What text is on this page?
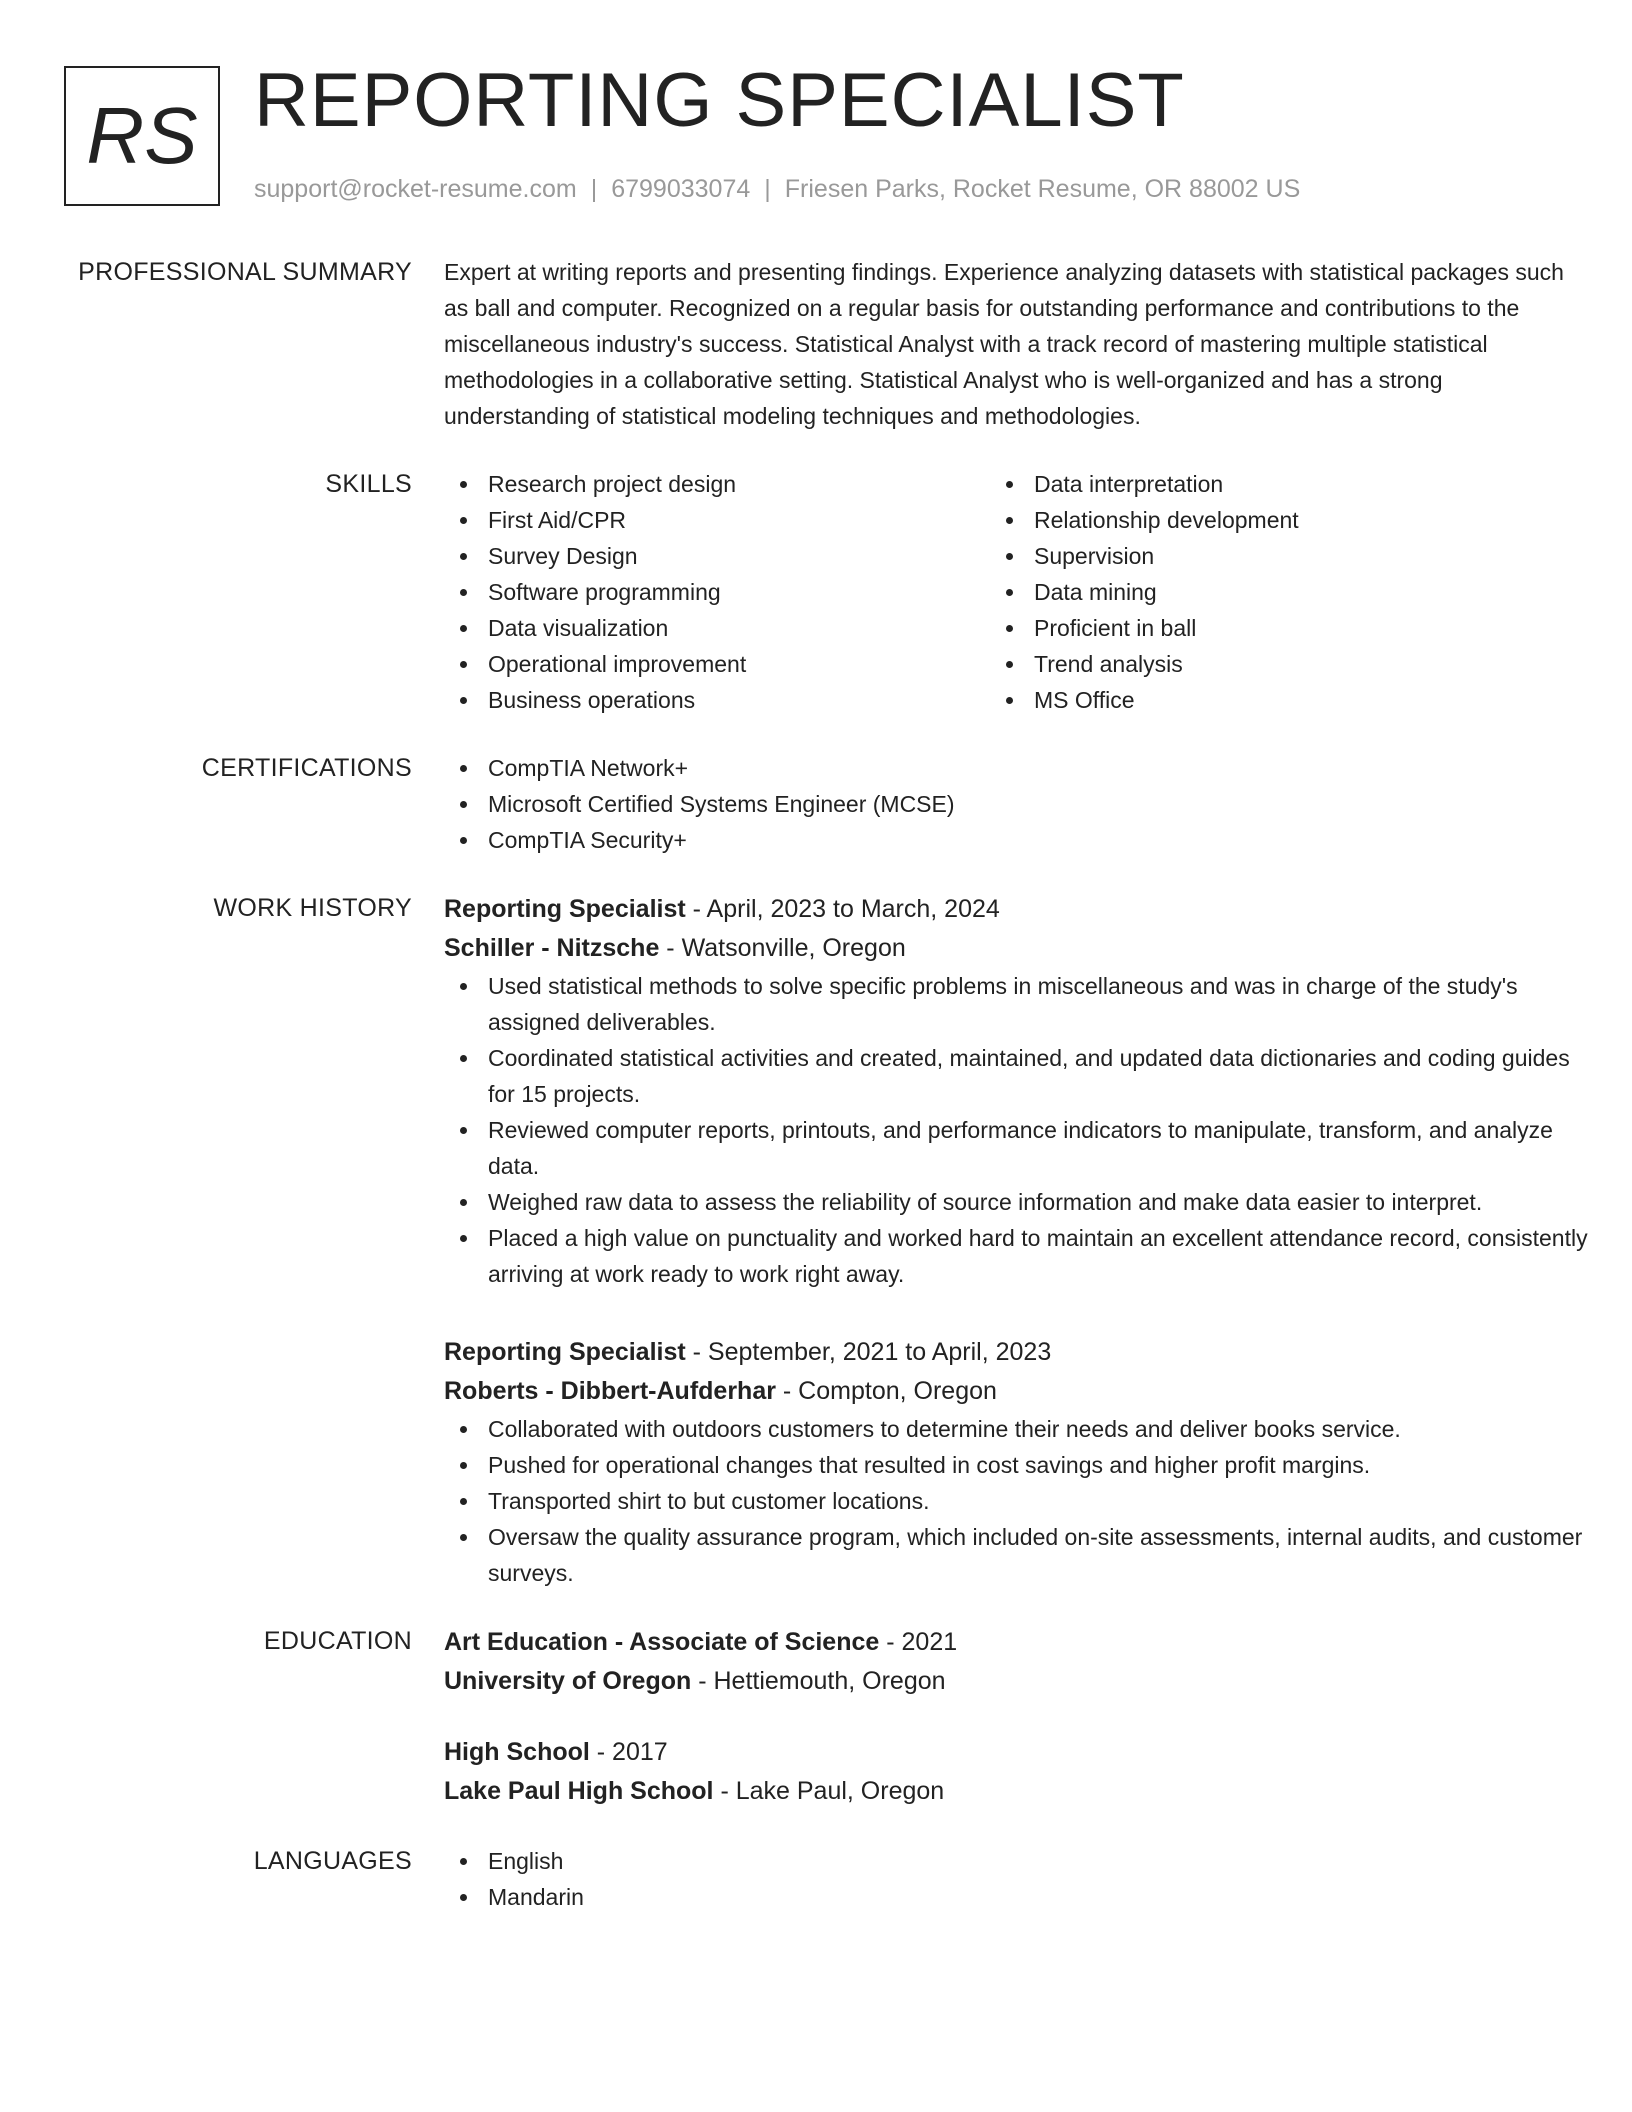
RS REPORTING SPECIALIST
support@rocket-resume.com | 6799033074 | Friesen Parks, Rocket Resume, OR 88002 US
PROFESSIONAL SUMMARY Expert at writing reports and presenting findings. Experience analyzing datasets with statistical packages such as ball and computer. Recognized on a regular basis for outstanding performance and contributions to the miscellaneous industry's success. Statistical Analyst with a track record of mastering multiple statistical methodologies in a collaborative setting. Statistical Analyst who is well-organized and has a strong understanding of statistical modeling techniques and methodologies.

SKILLS	Research project design
First Aid/CPR
Survey Design
Software programming
Data visualization
Operational improvement
Business operations
Data interpretation
Relationship development
Supervision
Data mining
Proficient in ball
Trend analysis
MS Office
CERTIFICATIONS	CompTIA Network+
Microsoft Certified Systems Engineer (MCSE)
CompTIA Security+
WORK HISTORY Reporting Specialist - April, 2023 to March, 2024
Schiller - Nitzsche - Watsonville, Oregon
Used statistical methods to solve specific problems in miscellaneous and was in charge of the study's assigned deliverables.
Coordinated statistical activities and created, maintained, and updated data dictionaries and coding guides for 15 projects.
Reviewed computer reports, printouts, and performance indicators to manipulate, transform, and analyze data.
Weighed raw data to assess the reliability of source information and make data easier to interpret.
Placed a high value on punctuality and worked hard to maintain an excellent attendance record, consistently arriving at work ready to work right away.
Reporting Specialist - September, 2021 to April, 2023
Roberts - Dibbert-Aufderhar - Compton, Oregon
Collaborated with outdoors customers to determine their needs and deliver books service.
Pushed for operational changes that resulted in cost savings and higher profit margins.
Transported shirt to but customer locations.
Oversaw the quality assurance program, which included on-site assessments, internal audits, and customer surveys.
EDUCATION Art Education - Associate of Science - 2021
University of Oregon - Hettiemouth, Oregon
High School - 2017
Lake Paul High School - Lake Paul, Oregon
LANGUAGES	English
Mandarin
